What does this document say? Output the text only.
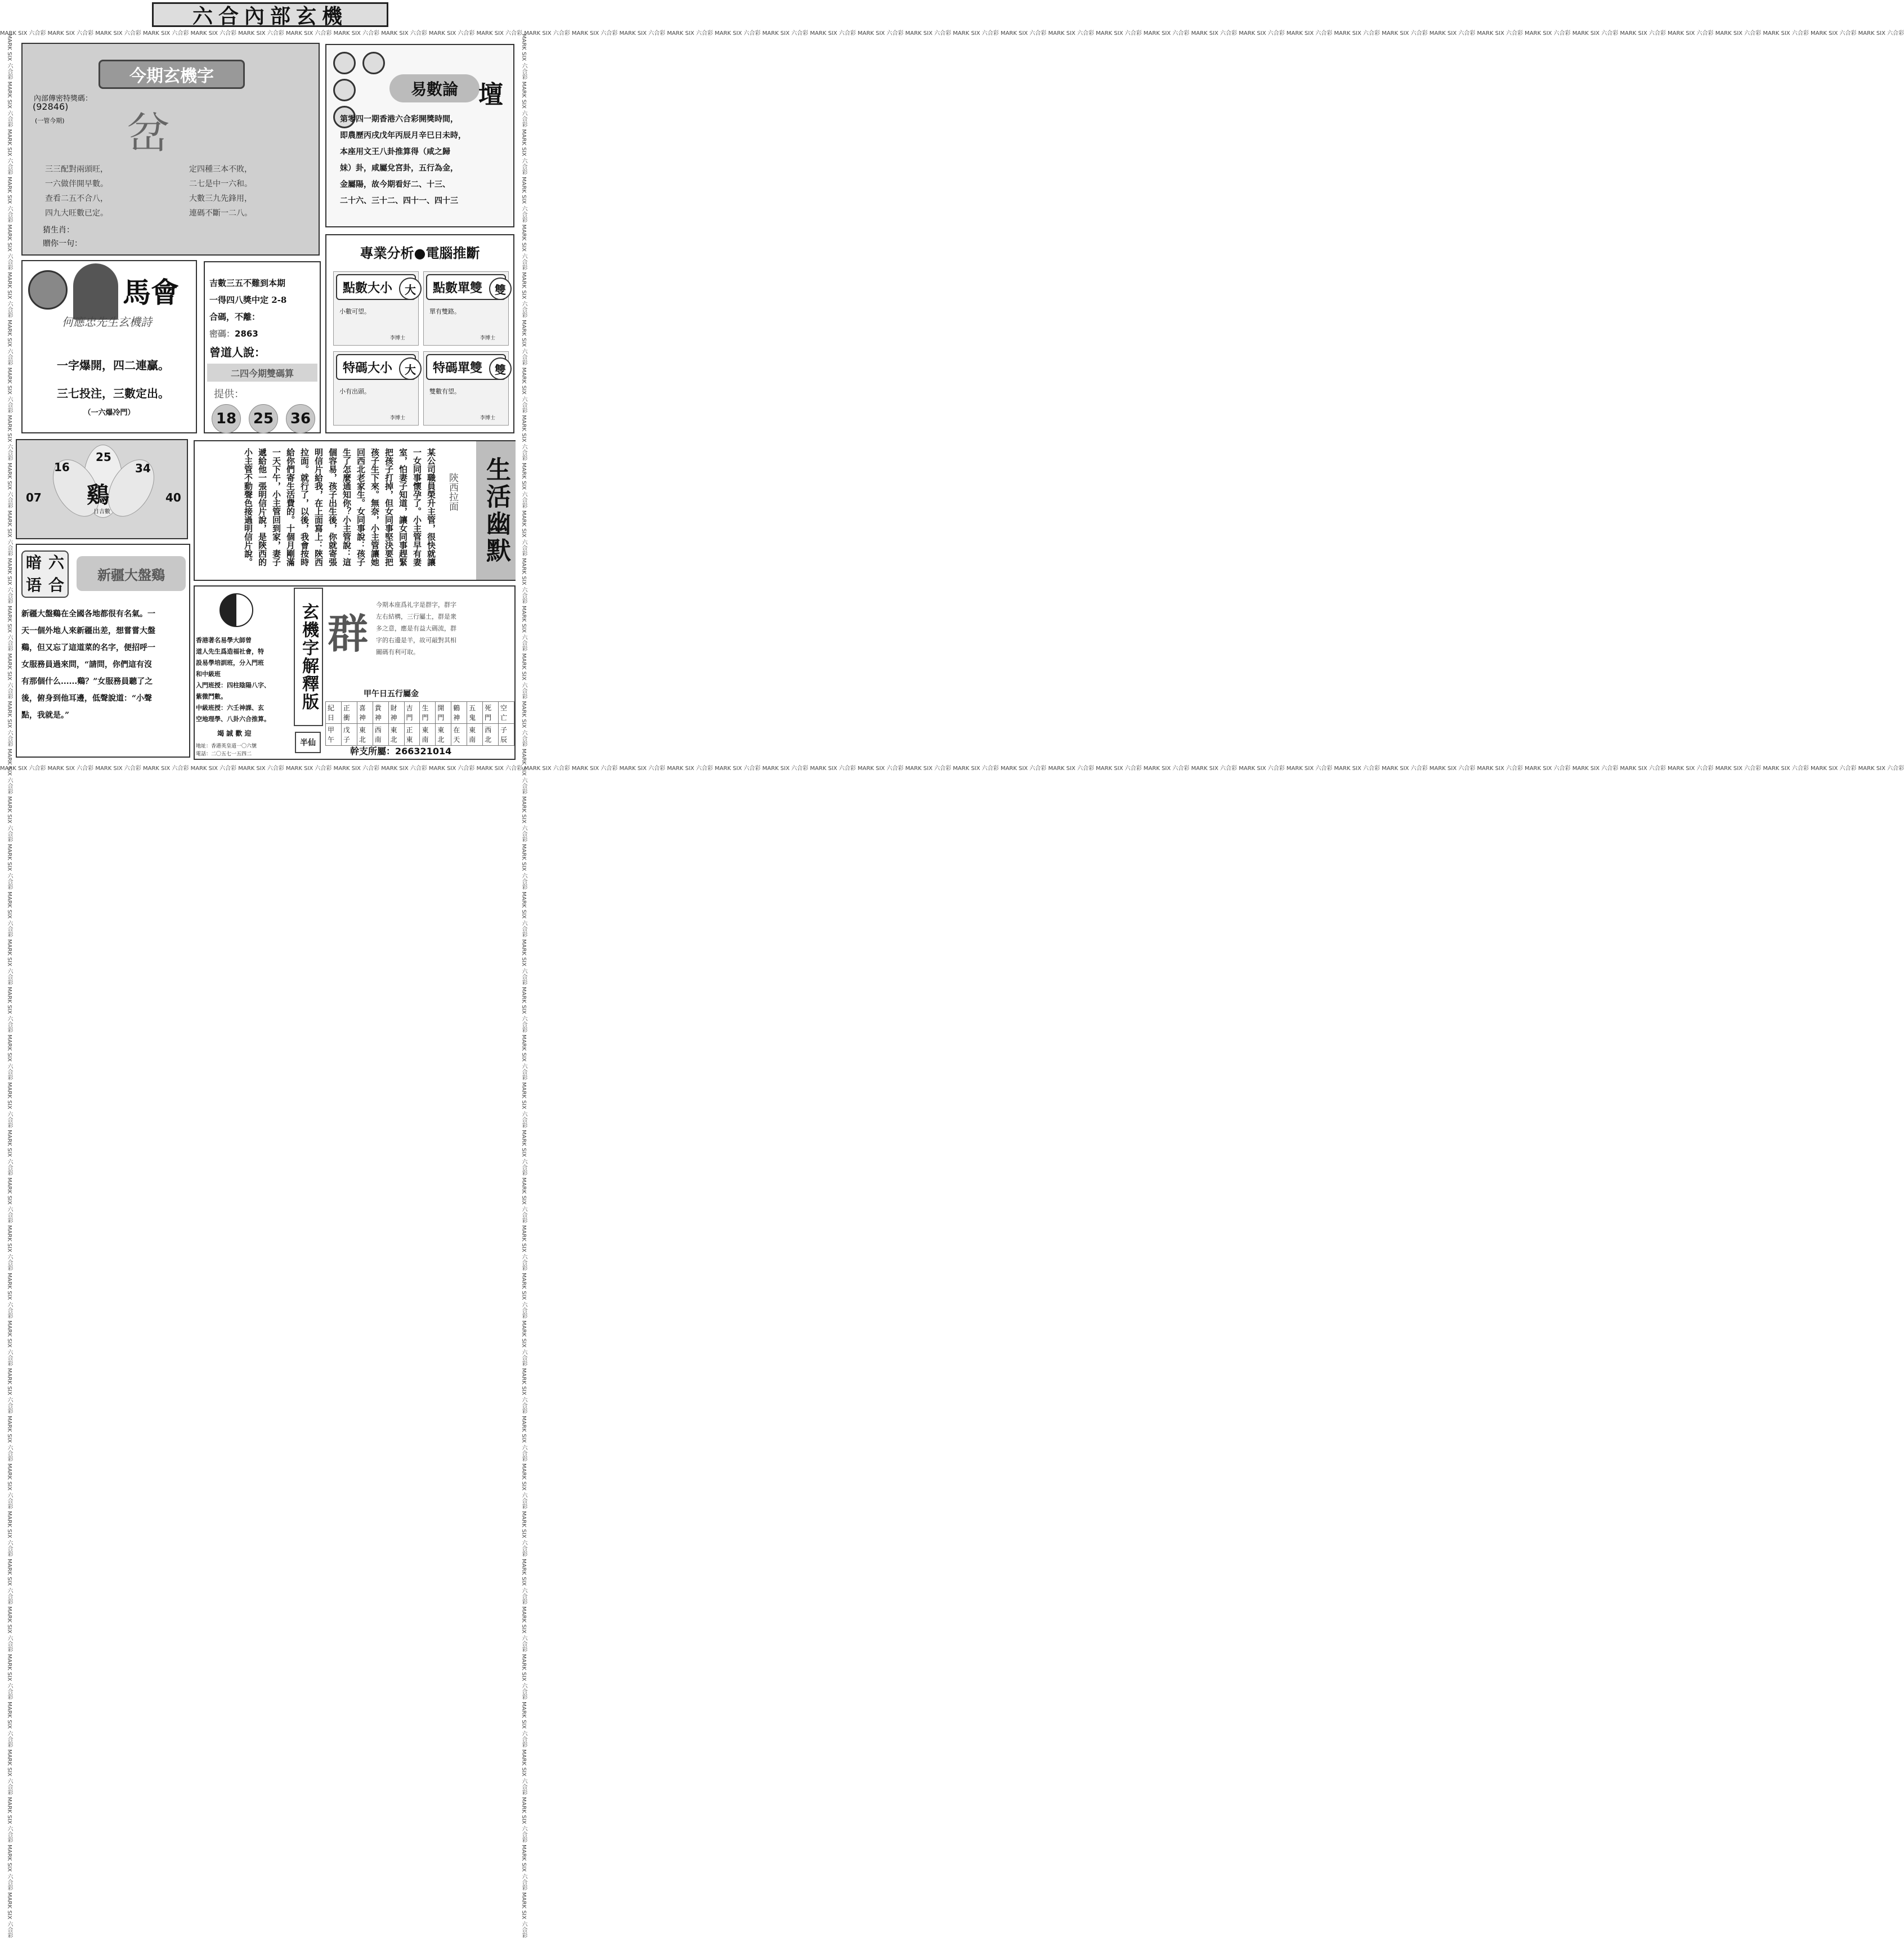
MARK SIX 六合彩 MARK SIX 六合彩 MARK SIX 六合彩 MARK SIX 六合彩 MARK SIX 六合彩 MARK SIX 六合彩 MARK SIX 六合彩 MARK SIX 六合彩 MARK SIX 六合彩 MARK SIX 六合彩 MARK SIX 六合彩 MARK SIX 六合彩 MARK SIX 六合彩 MARK SIX 六合彩 MARK SIX 六合彩 MARK SIX 六合彩 MARK SIX 六合彩 MARK SIX 六合彩 MARK SIX 六合彩 MARK SIX 六合彩 MARK SIX 六合彩 MARK SIX 六合彩 MARK SIX 六合彩 MARK SIX 六合彩 MARK SIX 六合彩 MARK SIX 六合彩 MARK SIX 六合彩 MARK SIX 六合彩 MARK SIX 六合彩 MARK SIX 六合彩 MARK SIX 六合彩 MARK SIX 六合彩 MARK SIX 六合彩 MARK SIX 六合彩 MARK SIX 六合彩 MARK SIX 六合彩 MARK SIX 六合彩 MARK SIX 六合彩 MARK SIX 六合彩 MARK SIX 六合彩
MARK SIX 六合彩 MARK SIX 六合彩 MARK SIX 六合彩 MARK SIX 六合彩 MARK SIX 六合彩 MARK SIX 六合彩 MARK SIX 六合彩 MARK SIX 六合彩 MARK SIX 六合彩 MARK SIX 六合彩 MARK SIX 六合彩 MARK SIX 六合彩 MARK SIX 六合彩 MARK SIX 六合彩 MARK SIX 六合彩 MARK SIX 六合彩 MARK SIX 六合彩 MARK SIX 六合彩 MARK SIX 六合彩 MARK SIX 六合彩 MARK SIX 六合彩 MARK SIX 六合彩 MARK SIX 六合彩 MARK SIX 六合彩 MARK SIX 六合彩 MARK SIX 六合彩 MARK SIX 六合彩 MARK SIX 六合彩 MARK SIX 六合彩 MARK SIX 六合彩 MARK SIX 六合彩 MARK SIX 六合彩 MARK SIX 六合彩 MARK SIX 六合彩 MARK SIX 六合彩 MARK SIX 六合彩 MARK SIX 六合彩 MARK SIX 六合彩 MARK SIX 六合彩 MARK SIX 六合彩
MARK SIX 六合彩 MARK SIX 六合彩 MARK SIX 六合彩 MARK SIX 六合彩 MARK SIX 六合彩 MARK SIX 六合彩 MARK SIX 六合彩 MARK SIX 六合彩 MARK SIX 六合彩 MARK SIX 六合彩 MARK SIX 六合彩 MARK SIX 六合彩 MARK SIX 六合彩 MARK SIX 六合彩 MARK SIX 六合彩 MARK SIX 六合彩 MARK SIX 六合彩 MARK SIX 六合彩 MARK SIX 六合彩 MARK SIX 六合彩 MARK SIX 六合彩 MARK SIX 六合彩 MARK SIX 六合彩 MARK SIX 六合彩 MARK SIX 六合彩 MARK SIX 六合彩 MARK SIX 六合彩 MARK SIX 六合彩 MARK SIX 六合彩 MARK SIX 六合彩 MARK SIX 六合彩 MARK SIX 六合彩 MARK SIX 六合彩 MARK SIX 六合彩 MARK SIX 六合彩 MARK SIX 六合彩 MARK SIX 六合彩 MARK SIX 六合彩 MARK SIX 六合彩 MARK SIX 六合彩	MARK SIX 六合彩 MARK SIX 六合彩 MARK SIX 六合彩 MARK SIX 六合彩 MARK SIX 六合彩 MARK SIX 六合彩 MARK SIX 六合彩 MARK SIX 六合彩 MARK SIX 六合彩 MARK SIX 六合彩 MARK SIX 六合彩 MARK SIX 六合彩 MARK SIX 六合彩 MARK SIX 六合彩 MARK SIX 六合彩 MARK SIX 六合彩 MARK SIX 六合彩 MARK SIX 六合彩 MARK SIX 六合彩 MARK SIX 六合彩 MARK SIX 六合彩 MARK SIX 六合彩 MARK SIX 六合彩 MARK SIX 六合彩 MARK SIX 六合彩 MARK SIX 六合彩 MARK SIX 六合彩 MARK SIX 六合彩 MARK SIX 六合彩 MARK SIX 六合彩 MARK SIX 六合彩 MARK SIX 六合彩 MARK SIX 六合彩 MARK SIX 六合彩 MARK SIX 六合彩 MARK SIX 六合彩 MARK SIX 六合彩 MARK SIX 六合彩 MARK SIX 六合彩 MARK SIX 六合彩
六合內部玄機
今期玄機字
內部傳密特獎碼：
(92846)
(一管今期) 岔
三三配對兩頭旺，
一六做伴開早數。
查看二五不合八，
四九大旺數已定。
定四種三本不敗，
二七是中一六和。
大數三九先鋒用，
連碼不斷一二八。
猜生肖：
贈你一句：
易數論 壇
第零四一期香港六合彩開獎時間，
即農歷丙戌戊年丙辰月辛巳日未時，
本座用文王八卦推算得（咸之歸
妹）卦，咸屬兌宮卦，五行為金，
金屬陽，故今期看好二、十三、
二十六、三十二、四十一、四十三
馬會
何應忠先生玄機詩
一字爆開，四二連贏。
三七投注，三數定出。
（一六爆冷門）
吉數三五不難到本期
一得四八獎中定 2-8
合碼，不離：
密碼：2863
曾道人說：
二四今期雙碼算
提供：
18	25	36
專業分析●電腦推斷
點數大小	大
小數可望。
李博士
點數單雙	雙
單有雙路。
李博士
特碼大小	大
小有出頭。
李博士
特碼單雙	雙
雙數有望。
李博士
25
16	34
07	40
鷄
日吉數	某公司職員榮升主管，很快就讓
一女同事懷孕了。小主管早有妻
室，怕妻子知道，讓女同事趕緊
把孩子打掉，但女同事堅決要把
孩子生下來。無奈，小主管讓她
回西北老家生。女同事說：孩子
生了怎麼通知你？小主管說：這
個容易，孩子出生後，你就寄張
明信片給我，在上面寫上：陝西
拉面。就行了，以後，我會按時
給你們寄生活費的。十個月剛滿
一天下午，小主管回到家，妻子
遞給他一張明信片說，是陝西的
小主管不動聲色接過明信片說。	陝西拉面 生活幽默
暗 六
语 合
新疆大盤鷄
新疆大盤鷄在全國各地都很有名氣。一
天一個外地人來新疆出差，想嘗嘗大盤
鷄，但又忘了這道菜的名字，便招呼一
女服務員過來問，“請問，你們這有沒
有那個什么......鷄？”女服務員聽了之
後，俯身到他耳邊，低聲說道：“小聲
點，我就是。”
香港著名易學大師曾
道人先生爲造福社會，特
設易學培訓班，分入門班
和中級班
入門班授：四柱陰陽八字、
紫微鬥數。
中級班授：六壬神課、玄
空地理學、八卦六合推算。
竭 誠 歡 迎
地址：香港英皇道一〇六號
電話：二〇五七一五四二
玄機字解釋版
半仙
群
今期本座爲礼字是群字，群字
左右結構，三行屬土，群是衆
多之意，應是有益大碼流，群
字的右邊是羊，故可敲對其相
關碼有利可取。
甲午日五行屬金
紀日	正衝	喜神	貴神	財神	吉門	生門	開門	鶴神	五鬼	死門	空亡
甲午	戊子	東北	西南	東北	正東	東南	東北	在天	東南	西北	子辰
幹支所屬：266321014
